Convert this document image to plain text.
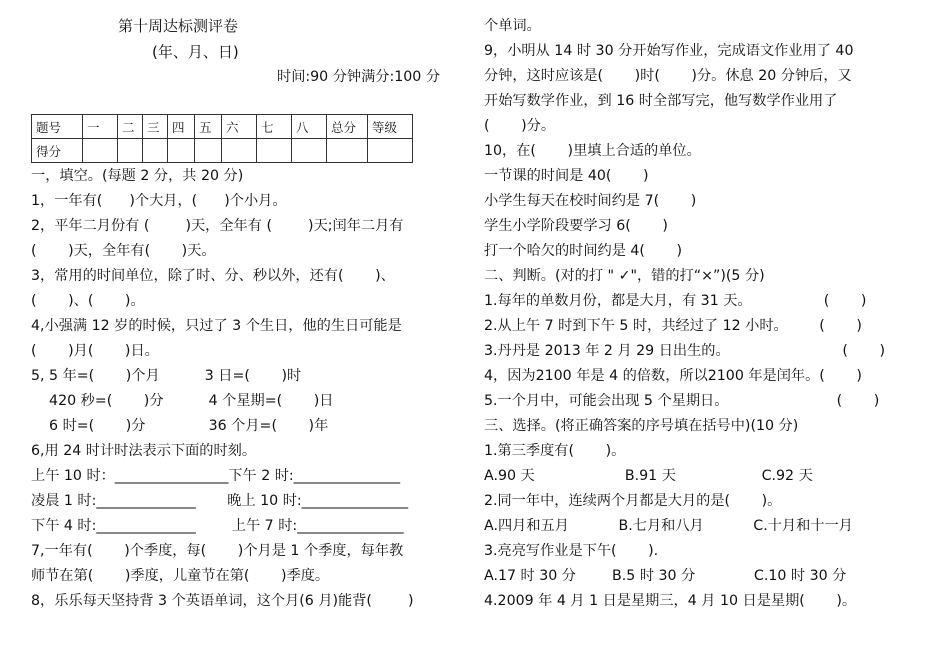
第十周达标测评卷
(年、月、日)
时间:90 分钟满分:100 分
题号	一	二	三	四	五	六	七	八	总分	等级
得分										
一，填空。(每题 2 分，共 20 分)
1，一年有(      )个大月，(      )个小月。
2，平年二月份有 (        )天，全年有 (        )天;闰年二月有
(       )天，全年有(       )天。
3，常用的时间单位，除了时、分、秒以外，还有(       )、
(       )、(       )。
4,小强满 12 岁的时候，只过了 3 个生日，他的生日可能是
(       )月(       )日。
5, 5 年=(       )个月          3 日=(       )时
420 秒=(       )分          4 个星期=(       )日
6 时=(       )分              36 个月=(       )年
6,用 24 时计时法表示下面的时刻。
上午 10 时：________________下午 2 时:_______________
凌晨 1 时:______________       晚上 10 时:_______________
下午 4 时:______________        上午 7 时:_______________
7,一年有(       )个季度，每(       )个月是 1 个季度，每年教
师节在第(       )季度，儿童节在第(       )季度。
8，乐乐每天坚持背 3 个英语单词，这个月(6 月)能背(        )
个单词。
9，小明从 14 时 30 分开始写作业，完成语文作业用了 40
分钟，这时应该是(       )时(       )分。休息 20 分钟后，又
开始写数学作业，到 16 时全部写完，他写数学作业用了
(       )分。
10，在(       )里填上合适的单位。
一节课的时间是 40(       )
小学生每天在校时间约是 7(       )
学生小学阶段要学习 6(       )
打一个哈欠的时间约是 4(       )
二、判断。(对的打 " ✓"，错的打“×”)(5 分)
1.每年的单数月份，都是大月，有 31 天。                (       )
2.从上午 7 时到下午 5 时，共经过了 12 小时。       (       )
3.丹丹是 2013 年 2 月 29 日出生的。                         (       )
4，因为2100 年是 4 的倍数，所以2100 年是闰年。(       )
5.一个月中，可能会出现 5 个星期日。                        (       )
三、选择。(将正确答案的序号填在括号中)(10 分)
1.第三季度有(       )。
A.90 天                    B.91 天                   C.92 天
2.同一年中，连续两个月都是大月的是(       )。
A.四月和五月           B.七月和八月           C.十月和十一月
3.亮亮写作业是下午(       ).
A.17 时 30 分        B.5 时 30 分             C.10 时 30 分
4.2009 年 4 月 1 日是星期三，4 月 10 日是星期(       )。
